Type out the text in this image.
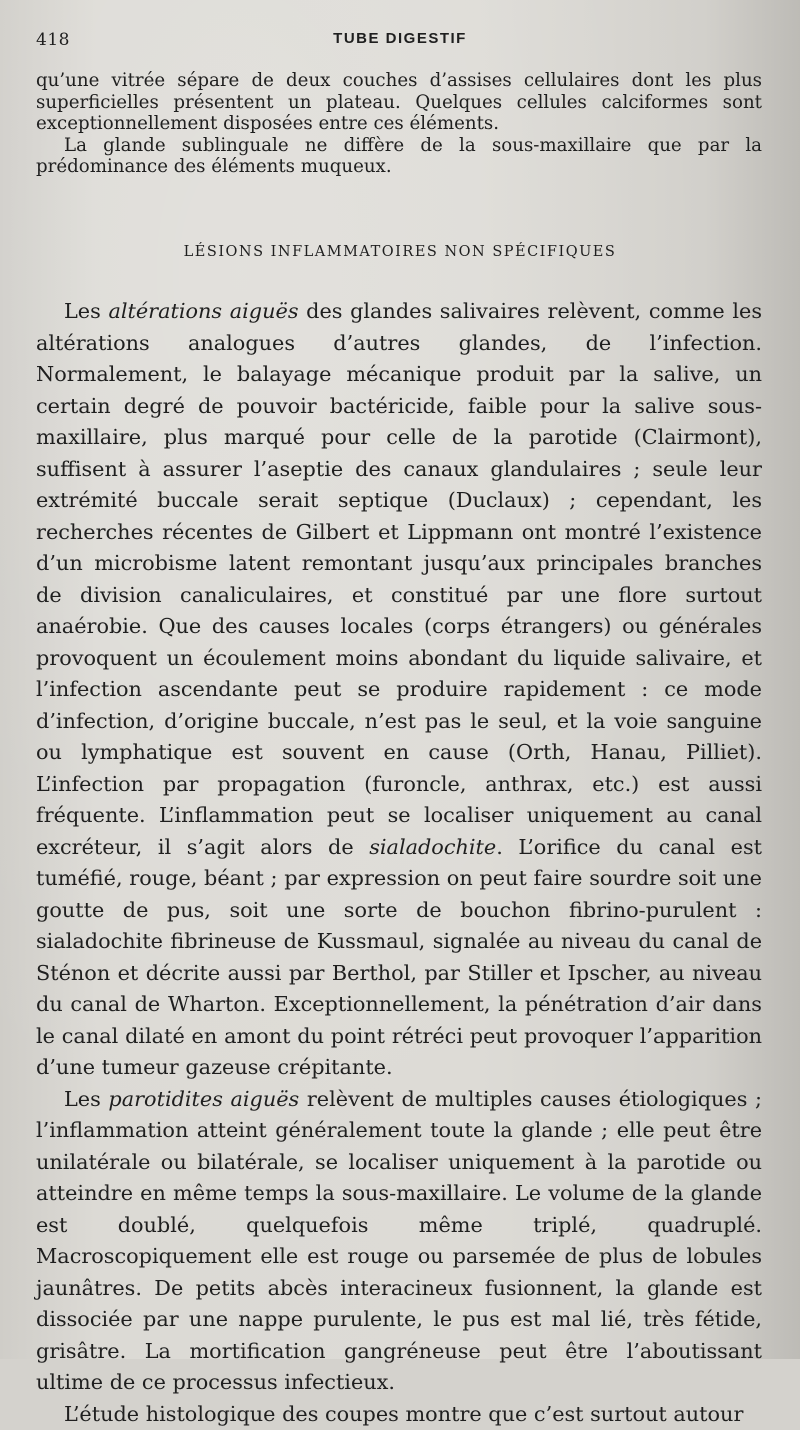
418	TUBE DIGESTIF

qu’une vitrée sépare de deux couches d’assises cellulaires dont les plus superficielles présentent un plateau. Quelques cellules calciformes sont exceptionnellement disposées entre ces éléments.

La glande sublinguale ne diffère de la sous-maxillaire que par la prédominance des éléments muqueux.

LÉSIONS INFLAMMATOIRES NON SPÉCIFIQUES

Les altérations aiguës des glandes salivaires relèvent, comme les altérations analogues d’autres glandes, de l’infection. Normalement, le balayage mécanique produit par la salive, un certain degré de pouvoir bactéricide, faible pour la salive sous-maxillaire, plus marqué pour celle de la parotide (Clairmont), suffisent à assurer l’aseptie des canaux glandulaires ; seule leur extrémité buccale serait septique (Duclaux) ; cependant, les recherches récentes de Gilbert et Lippmann ont montré l’existence d’un microbisme latent remontant jusqu’aux principales branches de division canaliculaires, et constitué par une flore surtout anaérobie. Que des causes locales (corps étrangers) ou générales provoquent un écoulement moins abondant du liquide salivaire, et l’infection ascendante peut se produire rapidement : ce mode d’infection, d’origine buccale, n’est pas le seul, et la voie sanguine ou lymphatique est souvent en cause (Orth, Hanau, Pilliet). L’infection par propagation (furoncle, anthrax, etc.) est aussi fréquente. L’inflammation peut se localiser uniquement au canal excréteur, il s’agit alors de sialadochite. L’orifice du canal est tuméfié, rouge, béant ; par expression on peut faire sourdre soit une goutte de pus, soit une sorte de bouchon fibrino-purulent : sialadochite fibrineuse de Kussmaul, signalée au niveau du canal de Sténon et décrite aussi par Berthol, par Stiller et Ipscher, au niveau du canal de Wharton. Exceptionnellement, la pénétration d’air dans le canal dilaté en amont du point rétréci peut provoquer l’apparition d’une tumeur gazeuse crépitante.

Les parotidites aiguës relèvent de multiples causes étiologiques ; l’inflammation atteint généralement toute la glande ; elle peut être unilatérale ou bilatérale, se localiser uniquement à la parotide ou atteindre en même temps la sous-maxillaire. Le volume de la glande est doublé, quelquefois même triplé, quadruplé. Macroscopiquement elle est rouge ou parsemée de plus de lobules jaunâtres. De petits abcès interacineux fusionnent, la glande est dissociée par une nappe purulente, le pus est mal lié, très fétide, grisâtre. La mortification gangréneuse peut être l’aboutissant ultime de ce processus infectieux.

L’étude histologique des coupes montre que c’est surtout autour
